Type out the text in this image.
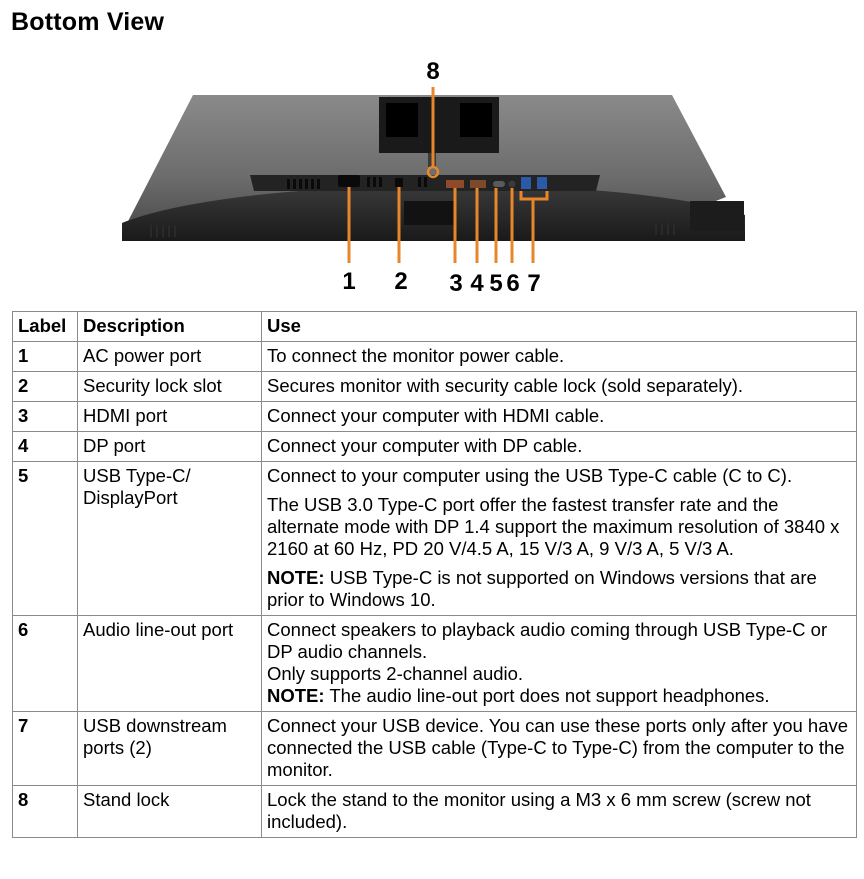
Bottom View
8
1 2 3 4 5 6 7
Label	Description	Use
1	AC power port	To connect the monitor power cable.
2	Security lock slot	Secures monitor with security cable lock (sold separately).
3	HDMI port	Connect your computer with HDMI cable.
4	DP port	Connect your computer with DP cable.
5	USB Type-C/ DisplayPort	Connect to your computer using the USB Type-C cable (C to C).

The USB 3.0 Type-C port offer the fastest transfer rate and the alternate mode with DP 1.4 support the maximum resolution of 3840 x 2160 at 60 Hz, PD 20 V/4.5 A, 15 V/3 A, 9 V/3 A, 5 V/3 A.

NOTE: USB Type-C is not supported on Windows versions that are prior to Windows 10.

6	Audio line-out port	Connect speakers to playback audio coming through USB Type-C or DP audio channels.
Only supports 2-channel audio.
NOTE: The audio line-out port does not support headphones.

7	USB downstream ports (2)	Connect your USB device. You can use these ports only after you have connected the USB cable (Type-C to Type-C) from the computer to the monitor.
8	Stand lock	Lock the stand to the monitor using a M3 x 6 mm screw (screw not included).
